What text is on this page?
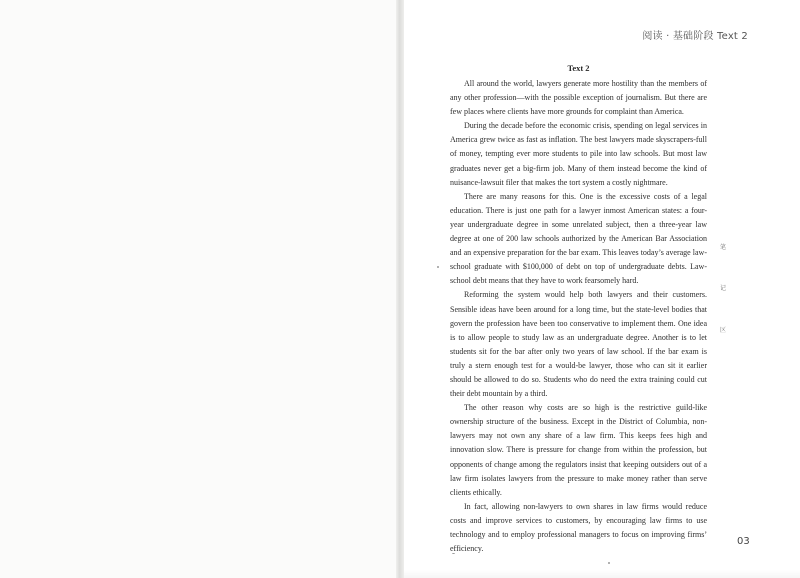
阅读 · 基础阶段 Text 2
Text 2

All around the world, lawyers generate more hostility than the members of any other profession—with the possible exception of journalism. But there are few places where clients have more grounds for complaint than America.

During the decade before the economic crisis, spending on legal services in America grew twice as fast as inflation. The best lawyers made skyscrapers-full of money, tempting ever more students to pile into law schools. But most law graduates never get a big-firm job. Many of them instead become the kind of nuisance-lawsuit filer that makes the tort system a costly nightmare.

There are many reasons for this. One is the excessive costs of a legal education. There is just one path for a lawyer inmost American states: a four-year undergraduate degree in some unrelated subject, then a three-year law degree at one of 200 law schools authorized by the American Bar Association and an expensive preparation for the bar exam. This leaves today’s average law-school graduate with $100,000 of debt on top of undergraduate debts. Law-school debt means that they have to work fearsomely hard.

Reforming the system would help both lawyers and their customers. Sensible ideas have been around for a long time, but the state-level bodies that govern the profession have been too conservative to implement them. One idea is to allow people to study law as an undergraduate degree. Another is to let students sit for the bar after only two years of law school. If the bar exam is truly a stern enough test for a would-be lawyer, those who can sit it earlier should be allowed to do so. Students who do need the extra training could cut their debt mountain by a third.

The other reason why costs are so high is the restrictive guild-like ownership structure of the business. Except in the District of Columbia, non-lawyers may not own any share of a law firm. This keeps fees high and innovation slow. There is pressure for change from within the profession, but opponents of change among the regulators insist that keeping outsiders out of a law firm isolates lawyers from the pressure to make money rather than serve clients ethically.

In fact, allowing non-lawyers to own shares in law firms would reduce costs and improve services to customers, by encouraging law firms to use technology and to employ professional managers to focus on improving firms’ efficiency.

笔
记
区
03
